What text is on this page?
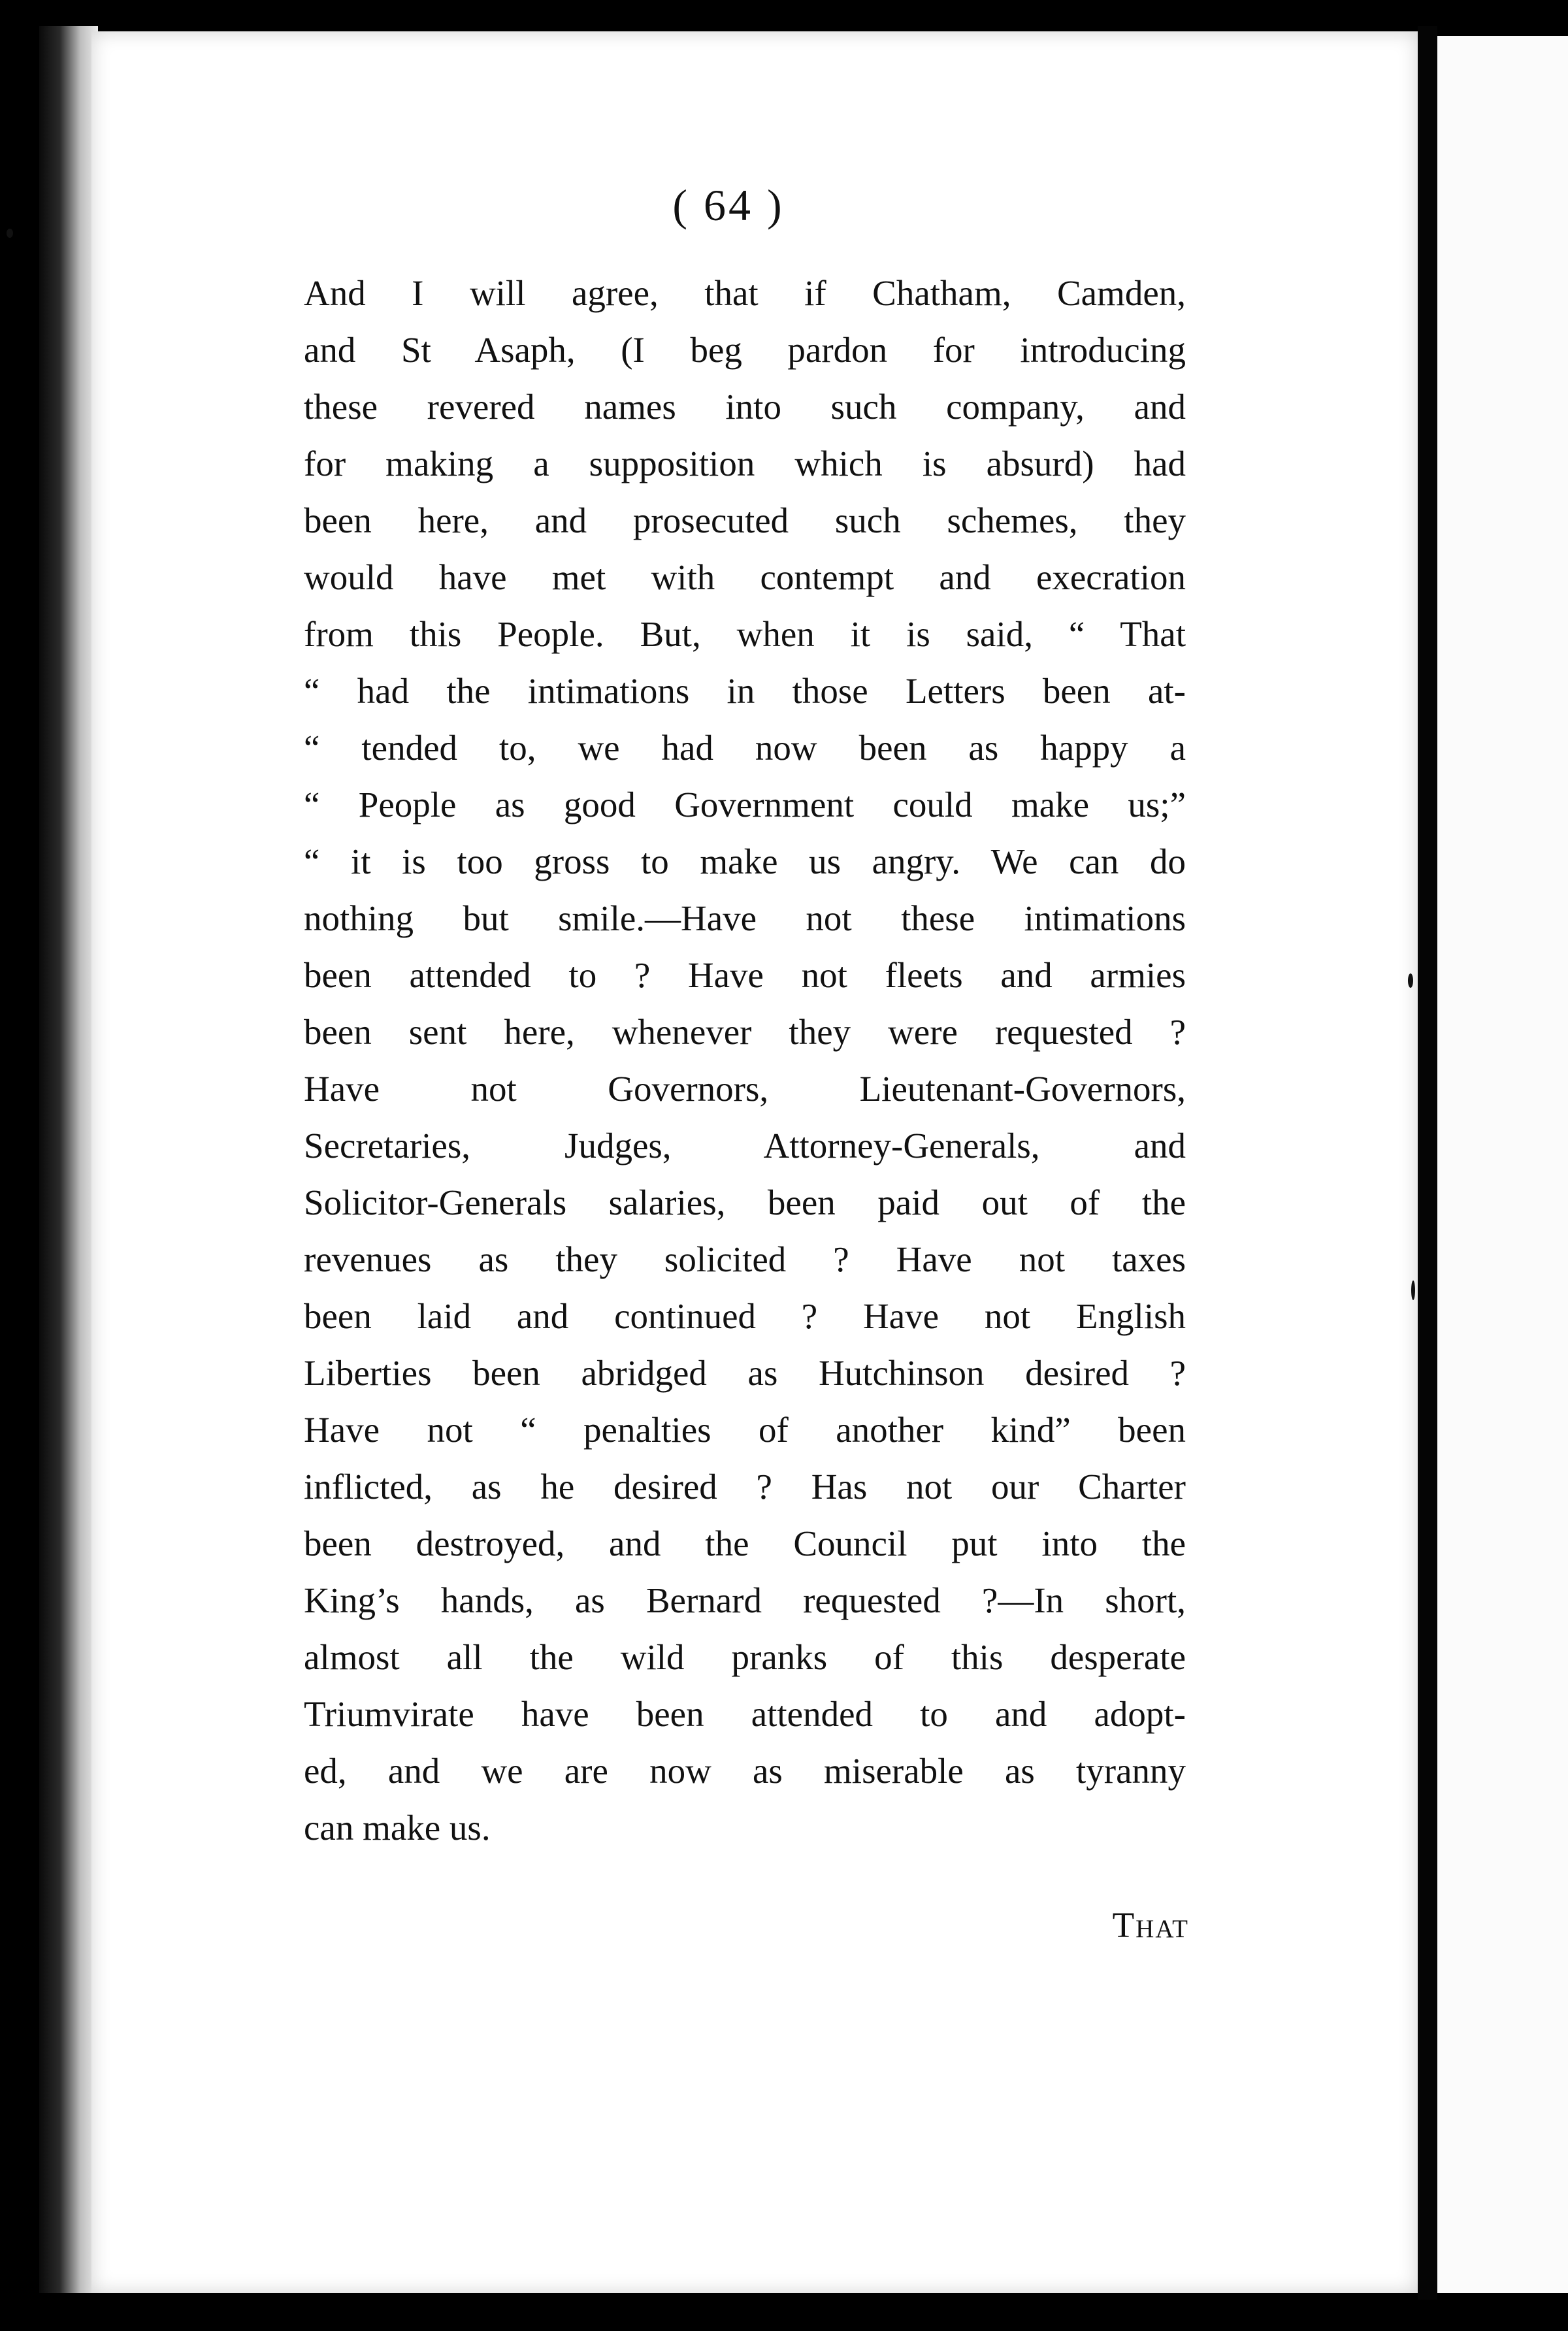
( 64 )
And I will agree, that if Chatham, Camden,
and St Asaph, (I beg pardon for introducing
these revered names into such company, and
for making a supposition which is absurd) had
been here, and prosecuted such schemes, they
would have met with contempt and execration
from this People. But, when it is said, “ That
“ had the intimations in those Letters been at-
“ tended to, we had now been as happy a
“ People as good Government could make us;”
“ it is too gross to make us angry. We can do
nothing but smile.—Have not these intimations
been attended to ? Have not fleets and armies
been sent here, whenever they were requested ?
Have not Governors, Lieutenant-Governors,
Secretaries, Judges, Attorney-Generals, and
Solicitor-Generals salaries, been paid out of the
revenues as they solicited ? Have not taxes
been laid and continued ? Have not English
Liberties been abridged as Hutchinson desired ?
Have not “ penalties of another kind” been
inflicted, as he desired ? Has not our Charter
been destroyed, and the Council put into the
King’s hands, as Bernard requested ?—In short,
almost all the wild pranks of this desperate
Triumvirate have been attended to and adopt-
ed, and we are now as miserable as tyranny
can make us.
That
